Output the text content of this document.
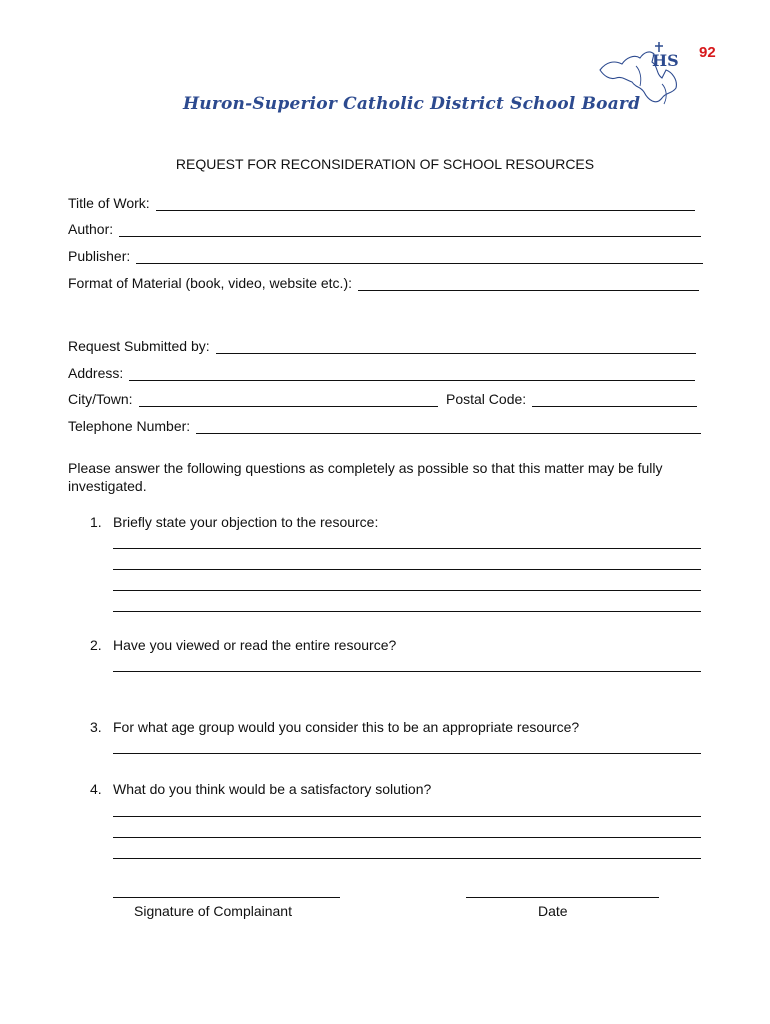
92
HS
Huron-Superior Catholic District School Board
REQUEST FOR RECONSIDERATION OF SCHOOL RESOURCES
Title of Work:
Author:
Publisher:
Format of Material (book, video, website etc.):
Request Submitted by:
Address:
City/Town:	Postal Code:
Telephone Number:
Please answer the following questions as completely as possible so that this matter may be fully investigated.
1. Briefly state your objection to the resource:
2. Have you viewed or read the entire resource?
3. For what age group would you consider this to be an appropriate resource?
4. What do you think would be a satisfactory solution?
Signature of Complainant	Date
